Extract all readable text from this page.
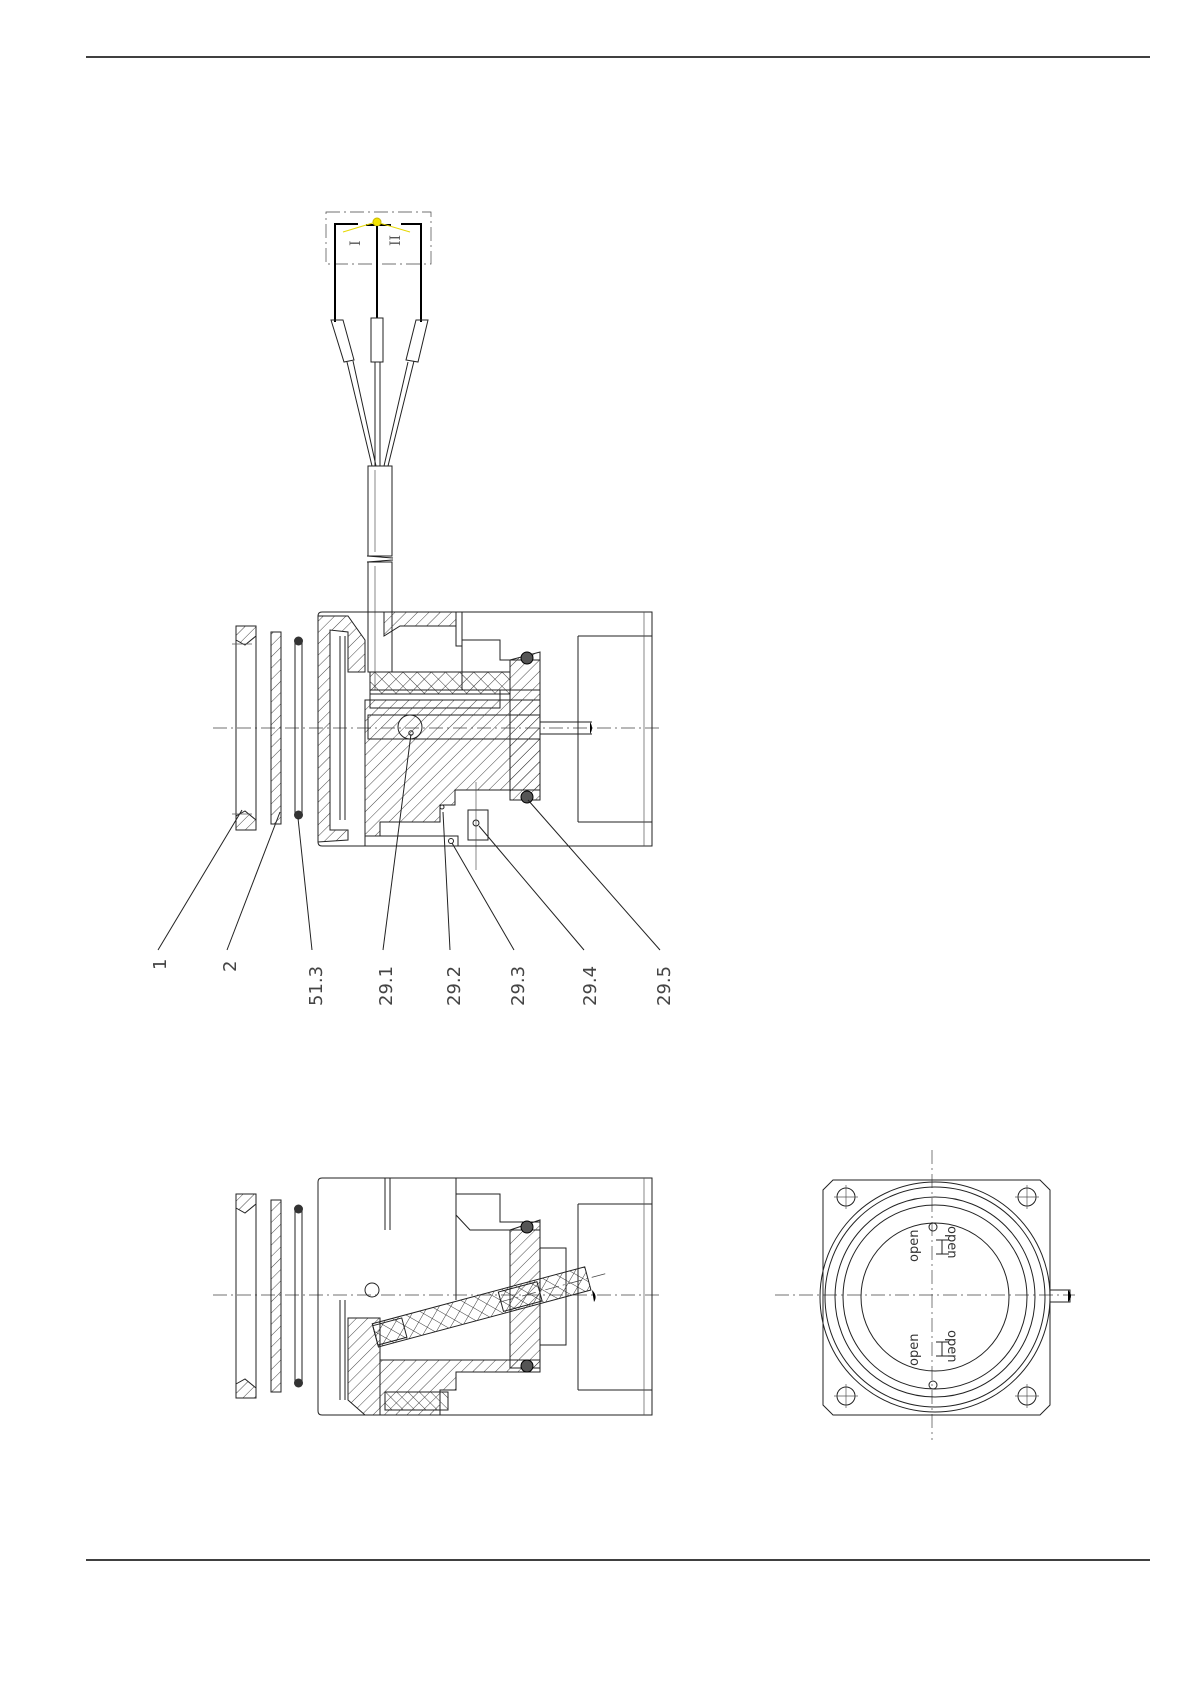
I II
1	2	51.3	29.1	29.2 29.3	29.4	29.5
open open
open open
